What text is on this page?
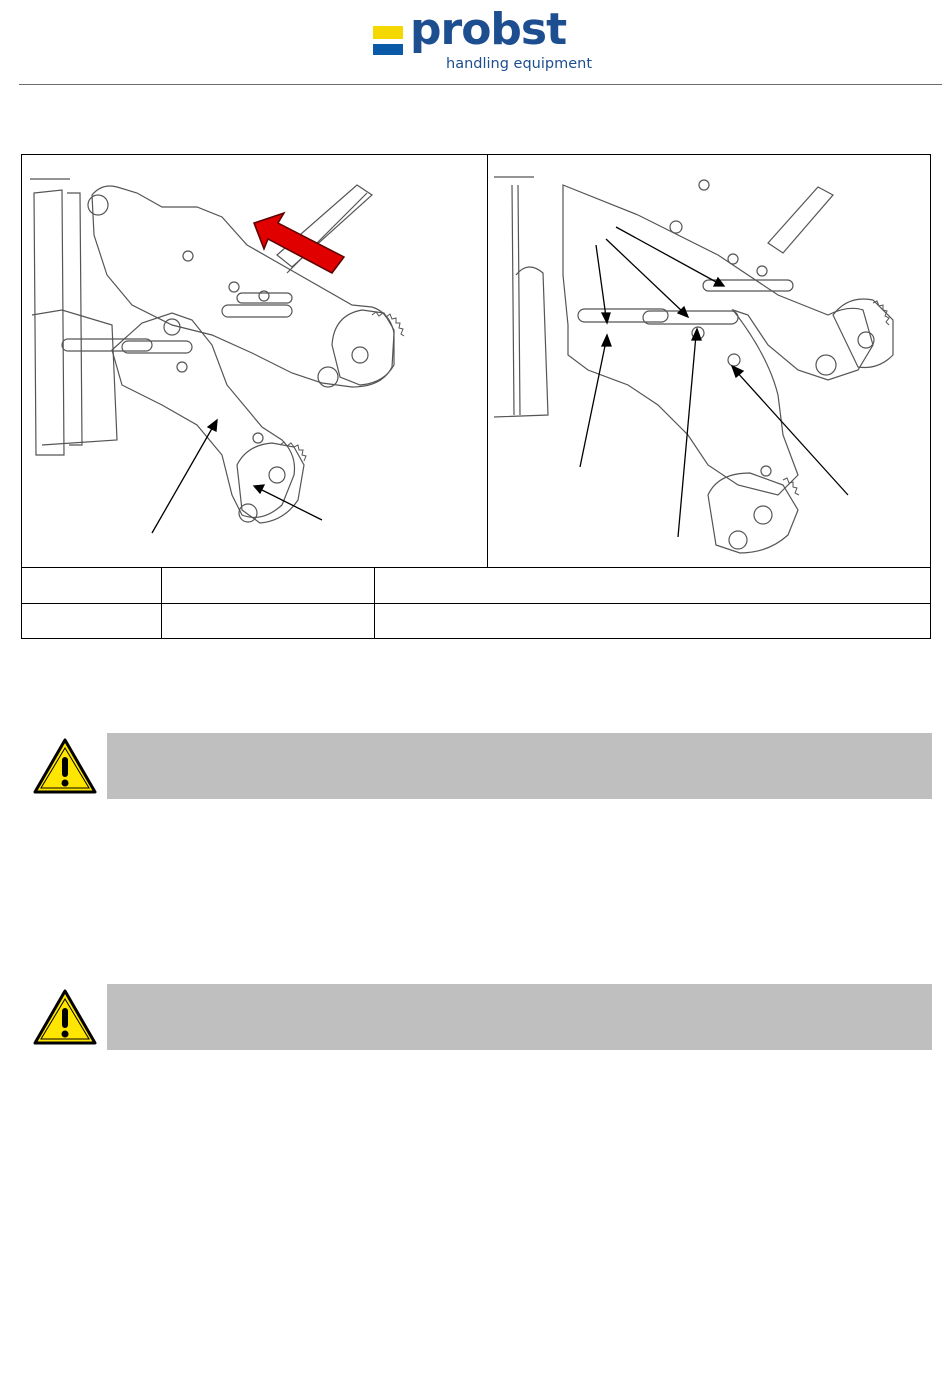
probst
handling equipment
